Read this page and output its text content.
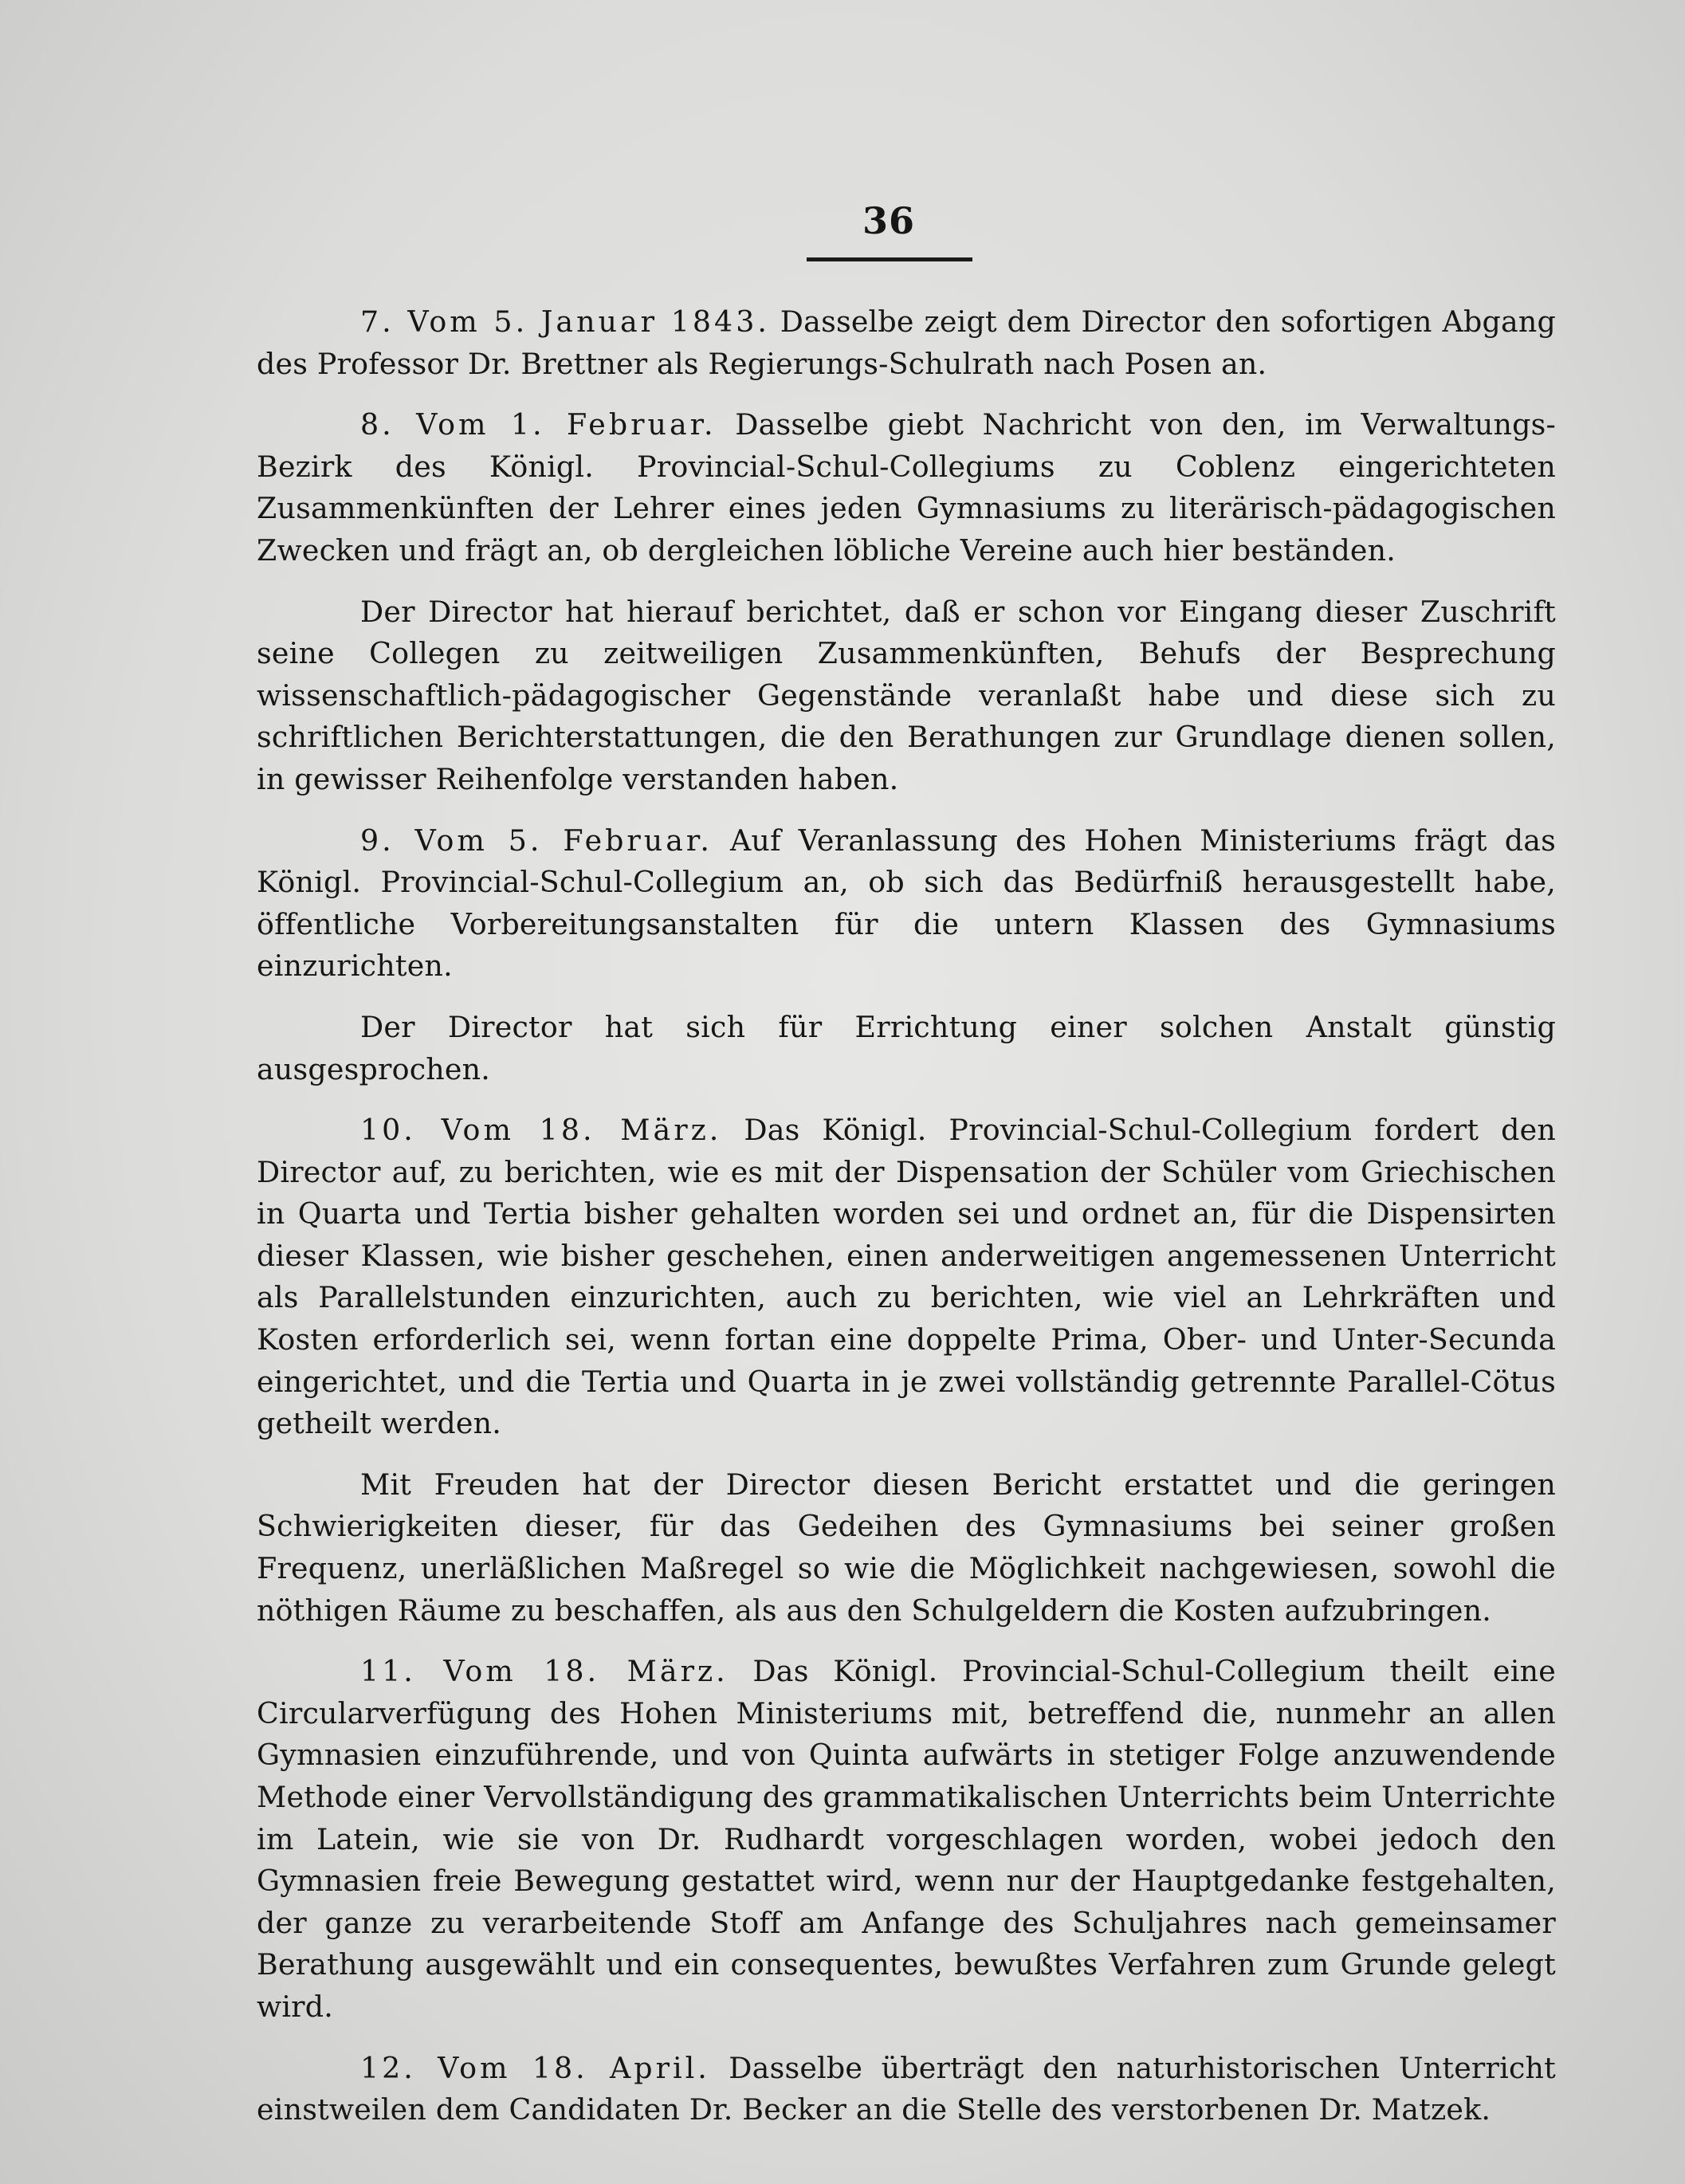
36

7. Vom 5. Januar 1843. Dasselbe zeigt dem Director den sofortigen Abgang des Professor Dr. Brettner als Regierungs-Schulrath nach Posen an.

8. Vom 1. Februar. Dasselbe giebt Nachricht von den, im Verwaltungs-Bezirk des Königl. Provincial-Schul-Collegiums zu Coblenz eingerichteten Zusammenkünften der Lehrer eines jeden Gymnasiums zu literärisch-pädagogischen Zwecken und frägt an, ob dergleichen löbliche Vereine auch hier beständen.

Der Director hat hierauf berichtet, daß er schon vor Eingang dieser Zuschrift seine Collegen zu zeitweiligen Zusammenkünften, Behufs der Besprechung wissenschaftlich-pädagogischer Gegenstände veranlaßt habe und diese sich zu schriftlichen Berichterstattungen, die den Berathungen zur Grundlage dienen sollen, in gewisser Reihenfolge verstanden haben.

9. Vom 5. Februar. Auf Veranlassung des Hohen Ministeriums frägt das Königl. Provincial-Schul-Collegium an, ob sich das Bedürfniß herausgestellt habe, öffentliche Vorbereitungsanstalten für die untern Klassen des Gymnasiums einzurichten.

Der Director hat sich für Errichtung einer solchen Anstalt günstig ausgesprochen.

10. Vom 18. März. Das Königl. Provincial-Schul-Collegium fordert den Director auf, zu berichten, wie es mit der Dispensation der Schüler vom Griechischen in Quarta und Tertia bisher gehalten worden sei und ordnet an, für die Dispensirten dieser Klassen, wie bisher geschehen, einen anderweitigen angemessenen Unterricht als Parallelstunden einzurichten, auch zu berichten, wie viel an Lehrkräften und Kosten erforderlich sei, wenn fortan eine doppelte Prima, Ober- und Unter-Secunda eingerichtet, und die Tertia und Quarta in je zwei vollständig getrennte Parallel-Cötus getheilt werden.

Mit Freuden hat der Director diesen Bericht erstattet und die geringen Schwierigkeiten dieser, für das Gedeihen des Gymnasiums bei seiner großen Frequenz, unerläßlichen Maßregel so wie die Möglichkeit nachgewiesen, sowohl die nöthigen Räume zu beschaffen, als aus den Schulgeldern die Kosten aufzubringen.

11. Vom 18. März. Das Königl. Provincial-Schul-Collegium theilt eine Circularverfügung des Hohen Ministeriums mit, betreffend die, nunmehr an allen Gymnasien einzuführende, und von Quinta aufwärts in stetiger Folge anzuwendende Methode einer Vervollständigung des grammatikalischen Unterrichts beim Unterrichte im Latein, wie sie von Dr. Rudhardt vorgeschlagen worden, wobei jedoch den Gymnasien freie Bewegung gestattet wird, wenn nur der Hauptgedanke festgehalten, der ganze zu verarbeitende Stoff am Anfange des Schuljahres nach gemeinsamer Berathung ausgewählt und ein consequentes, bewußtes Verfahren zum Grunde gelegt wird.

12. Vom 18. April. Dasselbe überträgt den naturhistorischen Unterricht einstweilen dem Candidaten Dr. Becker an die Stelle des verstorbenen Dr. Matzek.
